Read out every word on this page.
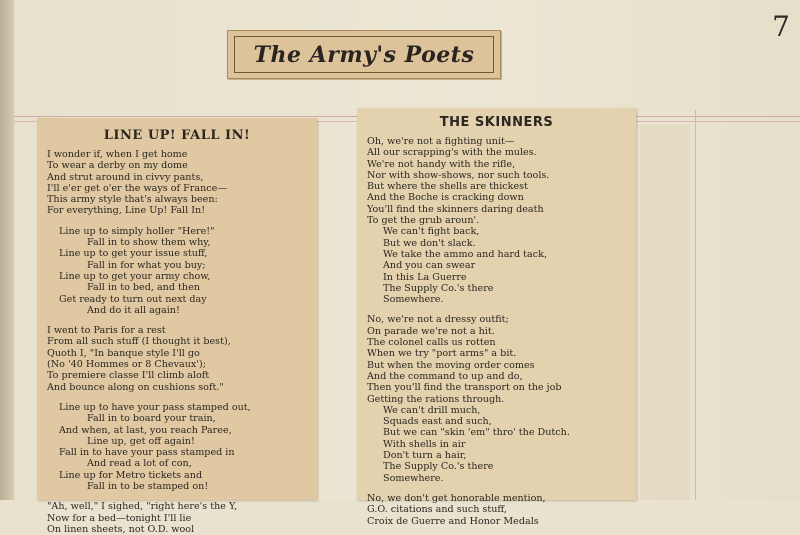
7
The Army's Poets
LINE UP! FALL IN!
I wonder if, when I get home
To wear a derby on my dome
And strut around in civvy pants,
I'll e'er get o'er the ways of France—
This army style that's always been:
For everything, Line Up! Fall In!
Line up to simply holler "Here!"
Fall in to show them why,
Line up to get your issue stuff,
Fall in for what you buy;
Line up to get your army chow,
Fall in to bed, and then
Get ready to turn out next day
And do it all again!
I went to Paris for a rest
From all such stuff (I thought it best),
Quoth I, "In banque style I'll go
(No '40 Hommes or 8 Chevaux');
To premiere classe I'll climb aloft
And bounce along on cushions soft."
Line up to have your pass stamped out,
Fall in to board your train,
And when, at last, you reach Paree,
Line up, get off again!
Fall in to have your pass stamped in
And read a lot of con,
Line up for Metro tickets and
Fall in to be stamped on!
"Ah, well," I sighed, "right here's the Y,
Now for a bed—tonight I'll lie
On linen sheets, not O.D. wool
THE SKINNERS
Oh, we're not a fighting unit—
All our scrapping's with the mules.
We're not handy with the rifle,
Nor with show-shows, nor such tools.
But where the shells are thickest
And the Boche is cracking down
You'll find the skinners daring death
To get the grub aroun'.
We can't fight back,
But we don't slack.
We take the ammo and hard tack,
And you can swear
In this La Guerre
The Supply Co.'s there
Somewhere.
No, we're not a dressy outfit;
On parade we're not a hit.
The colonel calls us rotten
When we try "port arms" a bit.
But when the moving order comes
And the command to up and do,
Then you'll find the transport on the job
Getting the rations through.
We can't drill much,
Squads east and such,
But we can "skin 'em" thro' the Dutch.
With shells in air
Don't turn a hair,
The Supply Co.'s there
Somewhere.
No, we don't get honorable mention,
G.O. citations and such stuff,
Croix de Guerre and Honor Medals
